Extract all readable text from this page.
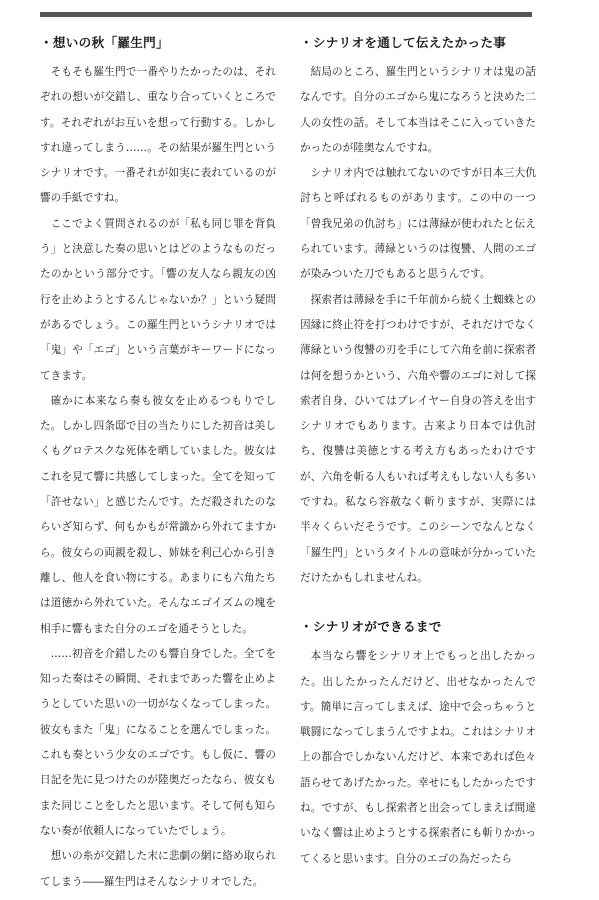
・想いの秋「羅生門」

そもそも羅生門で一番やりたかったのは、それぞれの想いが交錯し、重なり合っていくところです。それぞれがお互いを想って行動する。しかしすれ違ってしまう……。その結果が羅生門というシナリオです。一番それが如実に表れているのが響の手紙ですね。

ここでよく質問されるのが「私も同じ罪を背負う」と決意した奏の思いとはどのようなものだったのかという部分です。「響の友人なら親友の凶行を止めようとするんじゃないか？」という疑問があるでしょう。この羅生門というシナリオでは「鬼」や「エゴ」という言葉がキーワードになってきます。

確かに本来なら奏も彼女を止めるつもりでした。しかし四条邸で目の当たりにした初音は美しくもグロテスクな死体を晒していました。彼女はこれを見て響に共感してしまった。全てを知って「許せない」と感じたんです。ただ殺されたのならいざ知らず、何もかもが常識から外れてますから。彼女らの両親を殺し、姉妹を利己心から引き離し、他人を食い物にする。あまりにも六角たちは道徳から外れていた。そんなエゴイズムの塊を相手に響もまた自分のエゴを通そうとした。

……初音を介錯したのも響自身でした。全てを知った奏はその瞬間、それまであった響を止めようとしていた思いの一切がなくなってしまった。彼女もまた「鬼」になることを選んでしまった。これも奏という少女のエゴです。もし仮に、響の日記を先に見つけたのが陸奥だったなら、彼女もまた同じことをしたと思います。そして何も知らない奏が依頼人になっていたでしょう。

想いの糸が交錯した末に悲劇の網に絡め取られてしまう――羅生門はそんなシナリオでした。

・シナリオを通して伝えたかった事

結局のところ、羅生門というシナリオは鬼の話なんです。自分のエゴから鬼になろうと決めた二人の女性の話。そして本当はそこに入っていきたかったのが陸奥なんですね。

シナリオ内では触れてないのですが日本三大仇討ちと呼ばれるものがあります。この中の一つ「曾我兄弟の仇討ち」には薄緑が使われたと伝えられています。薄緑というのは復讐、人間のエゴが染みついた刀でもあると思うんです。

探索者は薄緑を手に千年前から続く土蜘蛛との因縁に終止符を打つわけですが、それだけでなく薄緑という復讐の刃を手にして六角を前に探索者は何を想うかという、六角や響のエゴに対して探索者自身、ひいてはプレイヤー自身の答えを出すシナリオでもあります。古来より日本では仇討ち、復讐は美徳とする考え方もあったわけですが、六角を斬る人もいれば考えもしない人も多いですね。私なら容赦なく斬りますが、実際には半々くらいだそうです。このシーンでなんとなく「羅生門」というタイトルの意味が分かっていただけたかもしれませんね。

・シナリオができるまで

本当なら響をシナリオ上でもっと出したかった。出したかったんだけど、出せなかったんです。簡単に言ってしまえば、途中で会っちゃうと戦闘になってしまうんですよね。これはシナリオ上の都合でしかないんだけど、本来であれば色々語らせてあげたかった。幸せにもしたかったですね。ですが、もし探索者と出会ってしまえば間違いなく響は止めようとする探索者にも斬りかかってくると思います。自分のエゴの為だったら
